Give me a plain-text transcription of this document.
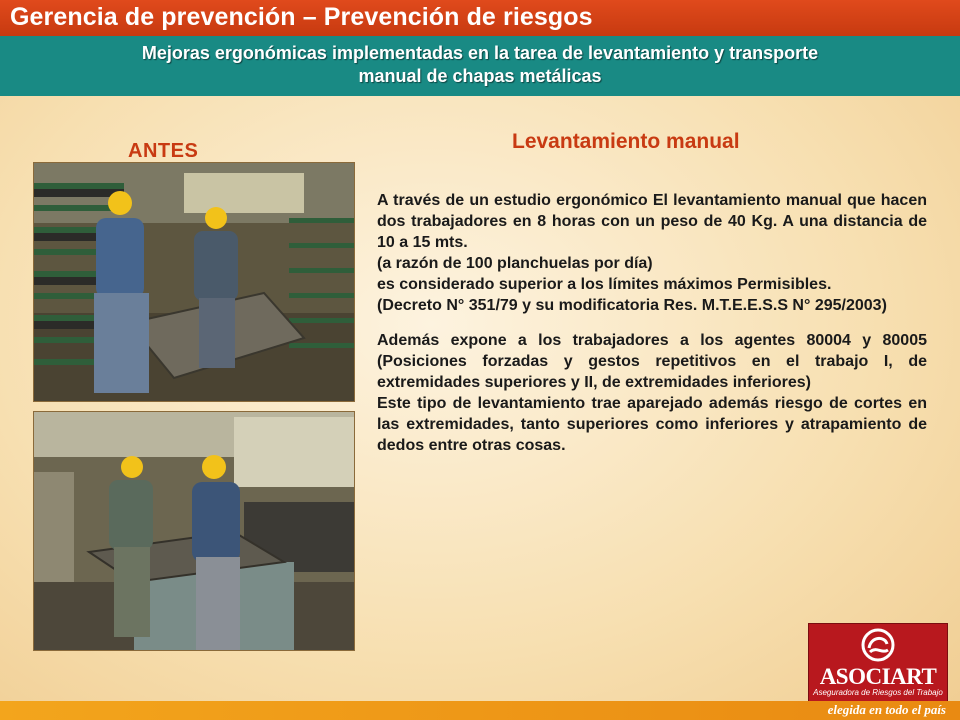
Gerencia de prevención – Prevención de riesgos
Mejoras ergonómicas implementadas en la tarea de levantamiento y transporte
manual de chapas metálicas
ANTES	Levantamiento manual

A través de un estudio ergonómico El levantamiento manual que hacen dos trabajadores en 8 horas con un peso de 40 Kg. A una distancia de 10 a 15 mts.

(a razón de 100 planchuelas por día)

es considerado superior a los límites máximos Permisibles.

(Decreto N° 351/79 y su modificatoria Res. M.T.E.E.S.S N° 295/2003)

Además expone a los trabajadores a los agentes 80004 y 80005 (Posiciones forzadas y gestos repetitivos en el trabajo I, de extremidades superiores y II, de extremidades inferiores)

Este tipo de levantamiento trae aparejado además riesgo de cortes en las extremidades, tanto superiores como inferiores y atrapamiento de dedos entre otras cosas.

ASOCIART
Aseguradora de Riesgos del Trabajo
elegida en todo el país
